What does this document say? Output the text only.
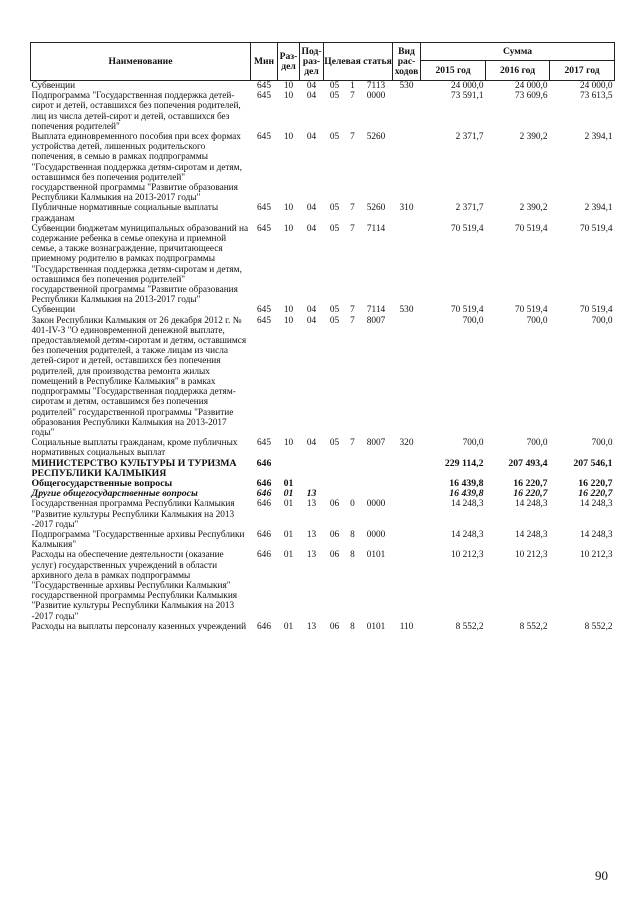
Наименование	Мин	Раз-дел	Под-раз-дел	Целевая статья			Вид рас-ходов	Сумма		
								2015 год	2016 год	2017 год
Субвенции	645	10	04	05	1	7113	530	24 000,0	24 000,0	24 000,0
Подпрограмма "Государственная поддержка детей-сирот и детей, оставшихся без попечения родителей, лиц из числа детей-сирот и детей, оставшихся без попечения родителей"	645	10	04	05	7	0000		73 591,1	73 609,6	73 613,5
Выплата единовременного пособия при всех формах устройства детей, лишенных родительского попечения, в семью в рамках подпрограммы "Государственная поддержка детям-сиротам и детям, оставшимся без попечения родителей" государственной программы "Развитие образования Республики Калмыкия на 2013-2017 годы"	645	10	04	05	7	5260		2 371,7	2 390,2	2 394,1
Публичные нормативные социальные выплаты гражданам	645	10	04	05	7	5260	310	2 371,7	2 390,2	2 394,1
Субвенции бюджетам муниципальных образований на содержание ребенка в семье опекуна и приемной семье, а также вознаграждение, причитающееся приемному родителю в рамках подпрограммы "Государственная поддержка детям-сиротам и детям, оставшимся без попечения родителей" государственной программы "Развитие образования Республики Калмыкия на 2013-2017 годы"	645	10	04	05	7	7114		70 519,4	70 519,4	70 519,4
Субвенции	645	10	04	05	7	7114	530	70 519,4	70 519,4	70 519,4
Закон Республики Калмыкия от 26 декабря 2012 г. № 401-IV-З "О единовременной денежной выплате, предоставляемой детям-сиротам и детям, оставшимся без попечения родителей, а также лицам из числа детей-сирот и детей, оставшихся без попечения родителей, для производства ремонта жилых помещений в Республике Калмыкия" в рамках подпрограммы "Государственная поддержка детям-сиротам и детям, оставшимся без попечения родителей" государственной программы "Развитие образования Республики Калмыкия на 2013-2017 годы"	645	10	04	05	7	8007		700,0	700,0	700,0
Социальные выплаты гражданам, кроме публичных нормативных социальных выплат	645	10	04	05	7	8007	320	700,0	700,0	700,0
МИНИСТЕРСТВО КУЛЬТУРЫ И ТУРИЗМА РЕСПУБЛИКИ КАЛМЫКИЯ	646							229 114,2	207 493,4	207 546,1
Общегосударственные вопросы	646	01						16 439,8	16 220,7	16 220,7
Другие общегосударственные вопросы	646	01	13					16 439,8	16 220,7	16 220,7
Государственная программа Республики Калмыкия "Развитие культуры Республики Калмыкия на 2013 -2017 годы"	646	01	13	06	0	0000		14 248,3	14 248,3	14 248,3
Подпрограмма "Государственные архивы Республики Калмыкия"	646	01	13	06	8	0000		14 248,3	14 248,3	14 248,3
Расходы на обеспечение деятельности (оказание услуг) государственных учреждений в области архивного дела в рамках подпрограммы "Государственные архивы Республики Калмыкия" государственной программы Республики Калмыкия "Развитие культуры Республики Калмыкия на 2013 -2017 годы"	646	01	13	06	8	0101		10 212,3	10 212,3	10 212,3
Расходы на выплаты персоналу казенных учреждений	646	01	13	06	8	0101	110	8 552,2	8 552,2	8 552,2
90
